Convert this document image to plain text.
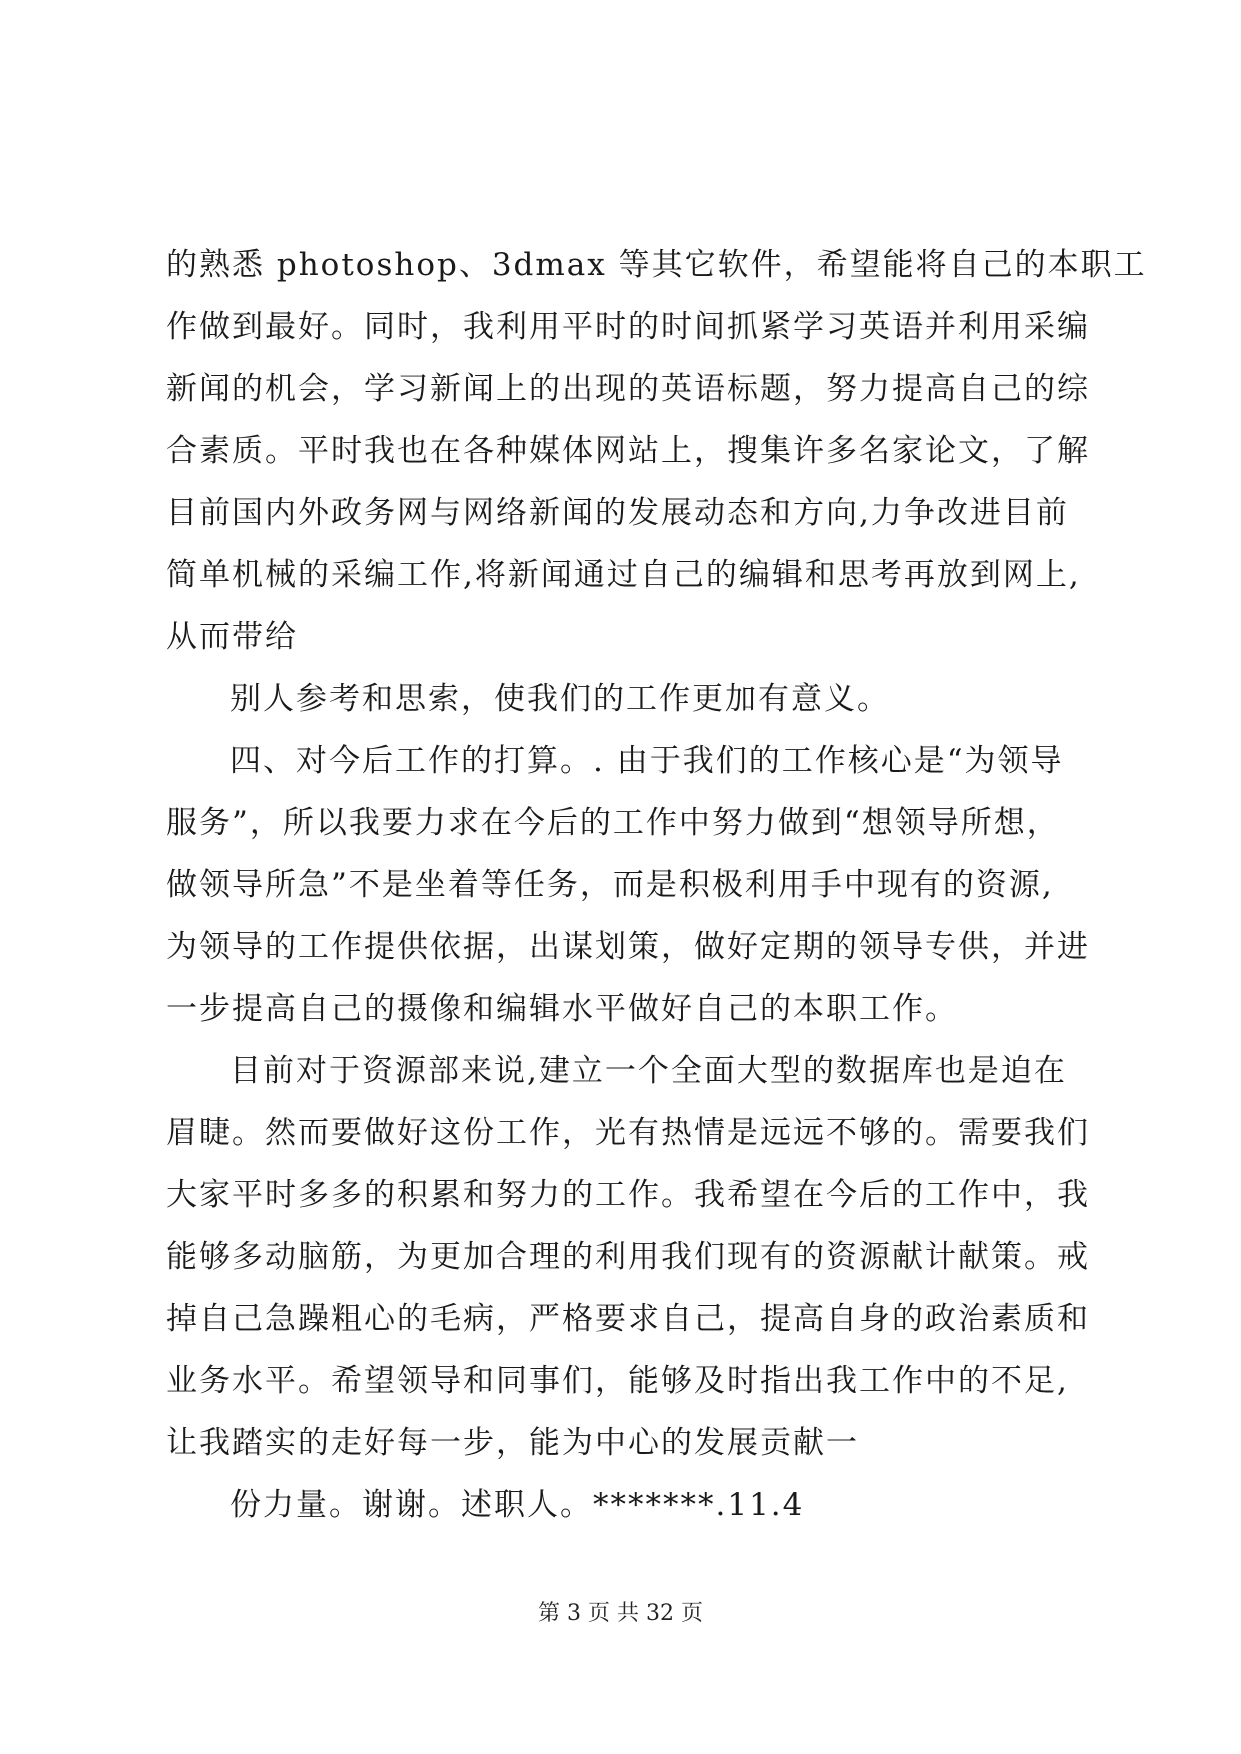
的熟悉 photoshop、3dmax 等其它软件，希望能将自己的本职工
作做到最好。同时，我利用平时的时间抓紧学习英语并利用采编
新闻的机会，学习新闻上的出现的英语标题，努力提高自己的综
合素质。平时我也在各种媒体网站上，搜集许多名家论文，了解
目前国内外政务网与网络新闻的发展动态和方向,力争改进目前
简单机械的采编工作,将新闻通过自己的编辑和思考再放到网上,
从而带给
别人参考和思索，使我们的工作更加有意义。
四、对今后工作的打算。. 由于我们的工作核心是“为领导
服务”，所以我要力求在今后的工作中努力做到“想领导所想，
做领导所急”不是坐着等任务，而是积极利用手中现有的资源,
为领导的工作提供依据，出谋划策，做好定期的领导专供，并进
一步提高自己的摄像和编辑水平做好自己的本职工作。
目前对于资源部来说,建立一个全面大型的数据库也是迫在
眉睫。然而要做好这份工作，光有热情是远远不够的。需要我们
大家平时多多的积累和努力的工作。我希望在今后的工作中，我
能够多动脑筋，为更加合理的利用我们现有的资源献计献策。戒
掉自己急躁粗心的毛病，严格要求自己，提高自身的政治素质和
业务水平。希望领导和同事们，能够及时指出我工作中的不足,
让我踏实的走好每一步，能为中心的发展贡献一
份力量。谢谢。述职人。*******.11.4
第 3 页 共 32 页
